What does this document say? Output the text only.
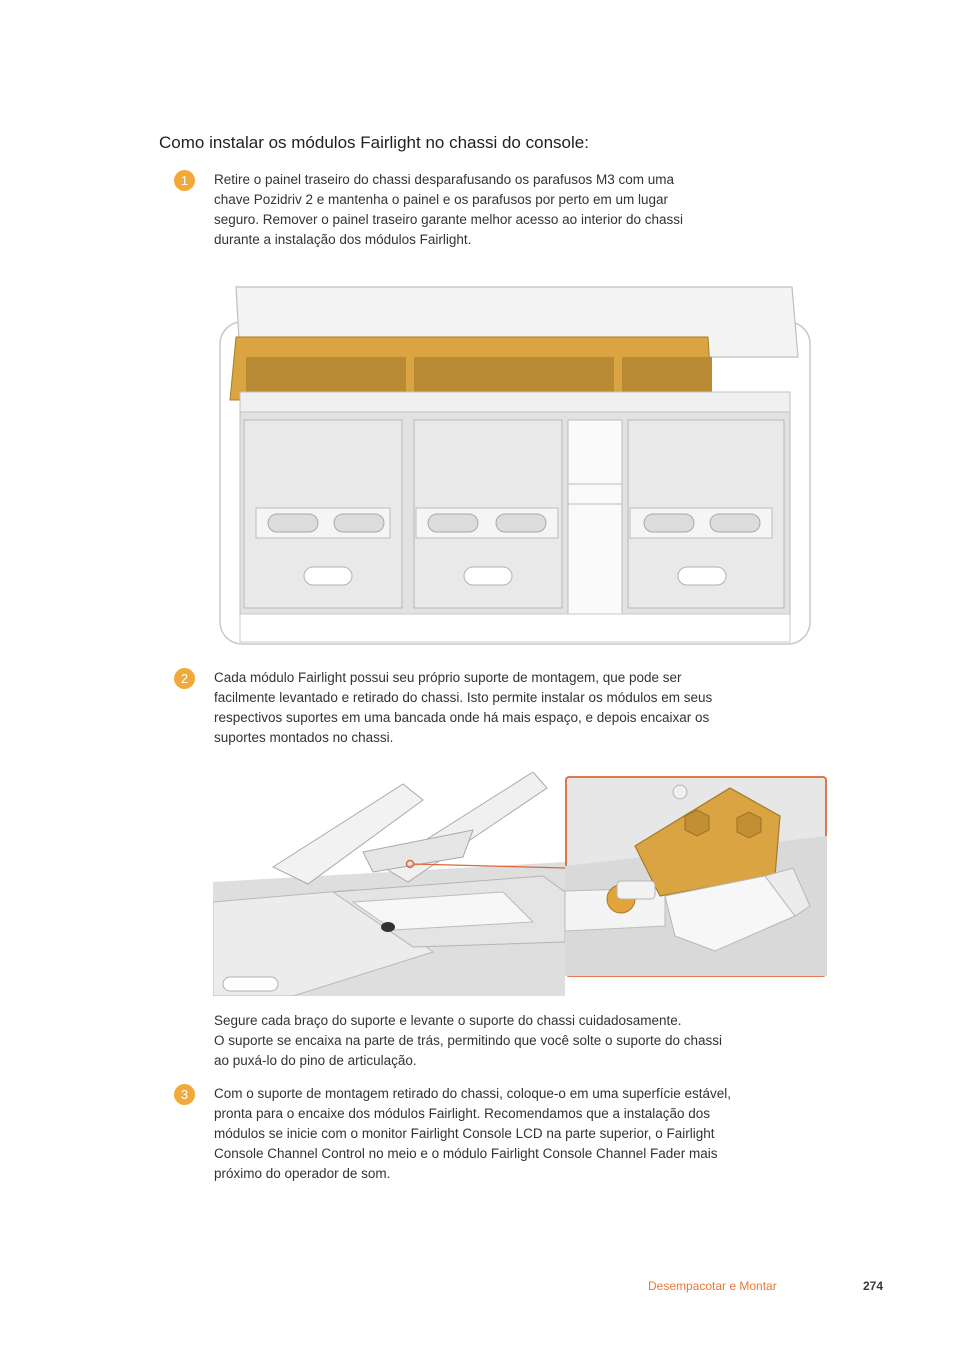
Como instalar os módulos Fairlight no chassi do console:
1	Retire o painel traseiro do chassi desparafusando os parafusos M3 com uma
chave Pozidriv 2 e mantenha o painel e os parafusos por perto em um lugar
seguro. Remover o painel traseiro garante melhor acesso ao interior do chassi
durante a instalação dos módulos Fairlight.

2	Cada módulo Fairlight possui seu próprio suporte de montagem, que pode ser
facilmente levantado e retirado do chassi. Isto permite instalar os módulos em seus
respectivos suportes em uma bancada onde há mais espaço, e depois encaixar os
suportes montados no chassi.

Segure cada braço do suporte e levante o suporte do chassi cuidadosamente.
O suporte se encaixa na parte de trás, permitindo que você solte o suporte do chassi
ao puxá-lo do pino de articulação.

3	Com o suporte de montagem retirado do chassi, coloque-o em uma superfície estável,
pronta para o encaixe dos módulos Fairlight. Recomendamos que a instalação dos
módulos se inicie com o monitor Fairlight Console LCD na parte superior, o Fairlight
Console Channel Control no meio e o módulo Fairlight Console Channel Fader mais
próximo do operador de som.

Desempacotar e Montar	274
